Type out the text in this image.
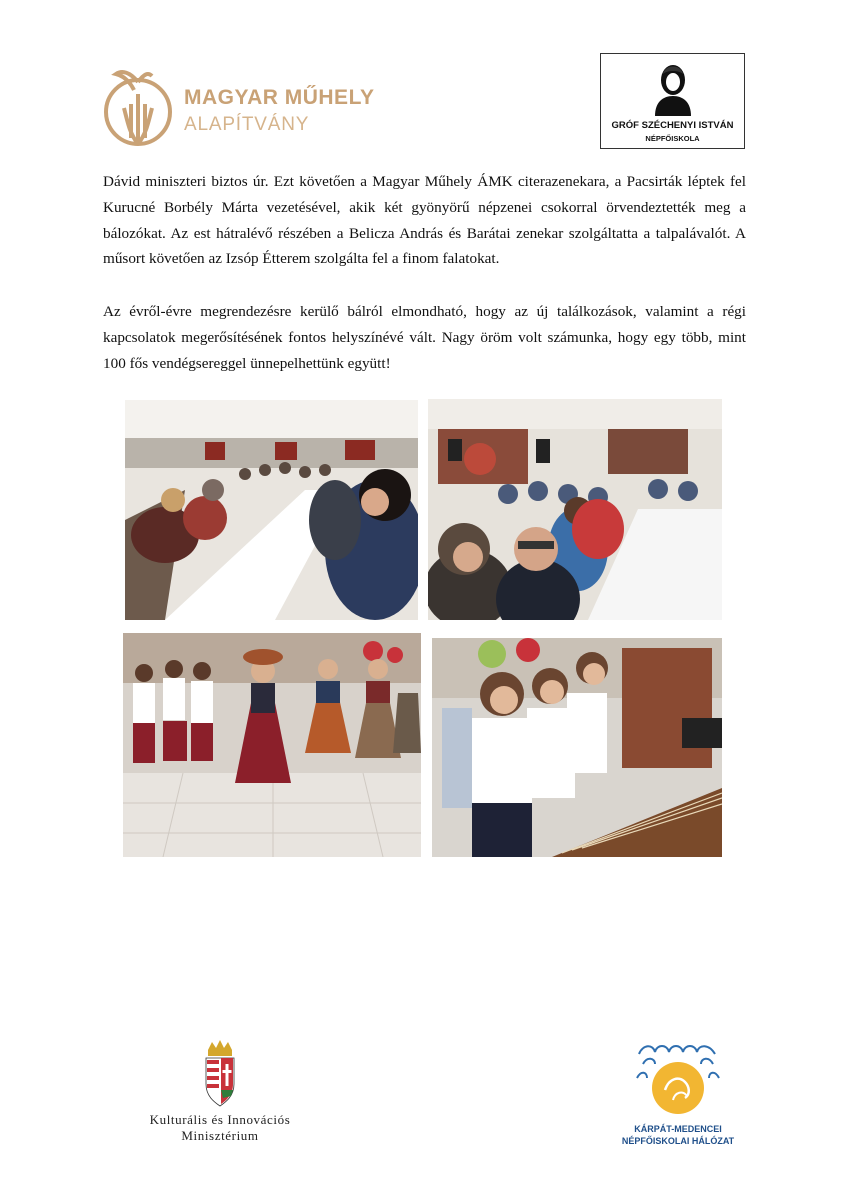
MAGYAR MŰHELY
ALAPÍTVÁNY	GRÓF SZÉCHENYI ISTVÁN
NÉPFŐISKOLA

Dávid miniszteri biztos úr. Ezt követően a Magyar Műhely ÁMK citerazenekara, a Pacsirták léptek fel Kurucné Borbély Márta vezetésével, akik két gyönyörű népzenei csokorral örvendeztették meg a bálozókat. Az est hátralévő részében a Belicza András és Barátai zenekar szolgáltatta a talpalávalót. A műsort követően az Izsóp Étterem szolgálta fel a finom falatokat.

Az évről-évre megrendezésre kerülő bálról elmondható, hogy az új találkozások, valamint a régi kapcsolatok megerősítésének fontos helyszínévé vált. Nagy öröm volt számunka, hogy egy több, mint 100 fős vendégsereggel ünnepelhettünk együtt!

Kulturális és Innovációs
Minisztérium	KÁRPÁT-MEDENCEI
NÉPFŐISKOLAI HÁLÓZAT
